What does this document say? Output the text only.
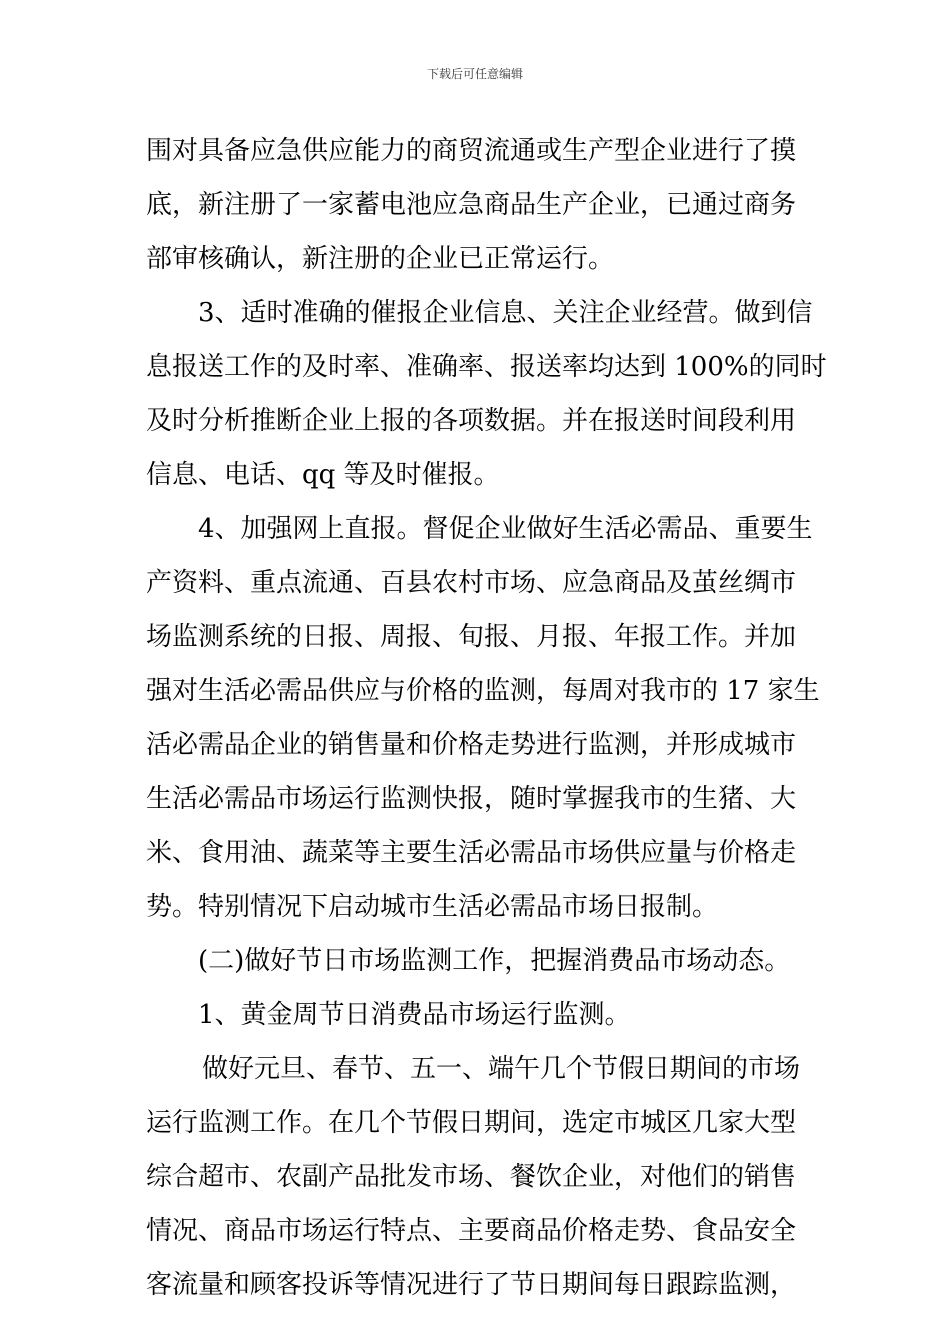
下载后可任意编辑
围对具备应急供应能力的商贸流通或生产型企业进行了摸
底，新注册了一家蓄电池应急商品生产企业，已通过商务
部审核确认，新注册的企业已正常运行。
3、适时准确的催报企业信息、关注企业经营。做到信
息报送工作的及时率、准确率、报送率均达到 100%的同时
及时分析推断企业上报的各项数据。并在报送时间段利用
信息、电话、qq 等及时催报。
4、加强网上直报。督促企业做好生活必需品、重要生
产资料、重点流通、百县农村市场、应急商品及茧丝绸市
场监测系统的日报、周报、旬报、月报、年报工作。并加
强对生活必需品供应与价格的监测，每周对我市的 17 家生
活必需品企业的销售量和价格走势进行监测，并形成城市
生活必需品市场运行监测快报，随时掌握我市的生猪、大
米、食用油、蔬菜等主要生活必需品市场供应量与价格走
势。特别情况下启动城市生活必需品市场日报制。
(二)做好节日市场监测工作，把握消费品市场动态。
1、黄金周节日消费品市场运行监测。
做好元旦、春节、五一、端午几个节假日期间的市场
运行监测工作。在几个节假日期间，选定市城区几家大型
综合超市、农副产品批发市场、餐饮企业，对他们的销售
情况、商品市场运行特点、主要商品价格走势、食品安全
客流量和顾客投诉等情况进行了节日期间每日跟踪监测，
